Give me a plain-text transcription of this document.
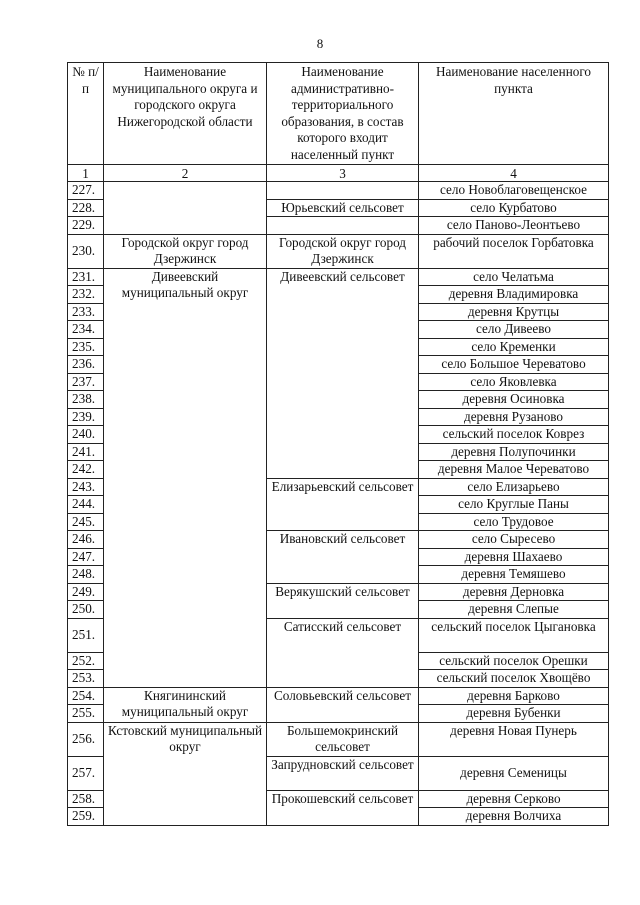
8
№ п/п	Наименование муниципального округа и городского округа Нижегородской области	Наименование административно-территориального образования, в состав которого входит населенный пункт	Наименование населенного пункта
1	2	3	4
227.			село Новоблаговещенское
228.		Юрьевский сельсовет	село Курбатово
229.			село Паново-Леонтьево
230.	Городской округ город Дзержинск	Городской округ город Дзержинск	рабочий поселок Горбатовка
231.	Дивеевский муниципальный округ	Дивеевский сельсовет	село Челатьма
232.			деревня Владимировка
233.			деревня Крутцы
234.			село Дивеево
235.			село Кременки
236.			село Большое Череватово
237.			село Яковлевка
238.			деревня Осиновка
239.			деревня Рузаново
240.			сельский поселок Коврез
241.			деревня Полупочинки
242.			деревня Малое Череватово
243.		Елизарьевский сельсовет	село Елизарьево
244.			село Круглые Паны
245.			село Трудовое
246.		Ивановский сельсовет	село Сыресево
247.			деревня Шахаево
248.			деревня Темяшево
249.		Верякушский сельсовет	деревня Дерновка
250.			деревня Слепые
251.		Сатисский сельсовет	сельский поселок Цыгановка
252.			сельский поселок Орешки
253.			сельский поселок Хвощёво
254.	Княгининский муниципальный округ	Соловьевский сельсовет	деревня Барково
255.			деревня Бубенки
256.	Кстовский муниципальный округ	Большемокринский сельсовет	деревня Новая Пунерь
257.		Запрудновский сельсовет	деревня Семеницы
258.		Прокошевский сельсовет	деревня Серково
259.			деревня Волчиха
